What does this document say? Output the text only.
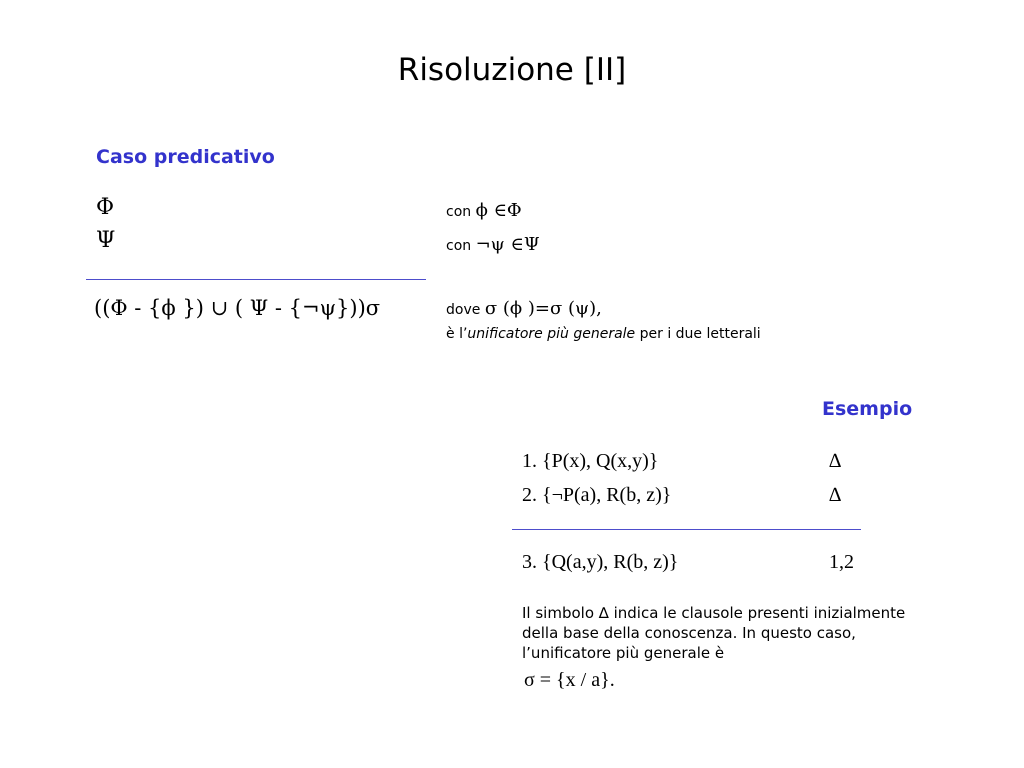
Risoluzione [II]
Caso predicativo
Φ	con ϕ ∈Φ
Ψ	con ¬ψ ∈Ψ
((Φ - {ϕ }) ∪ ( Ψ - {¬ψ}))σ	dove σ (ϕ )=σ (ψ),
è l’unificatore più generale per i due letterali
Esempio
1. {P(x), Q(x,y)}	∆
2. {¬P(a), R(b, z)}	∆
3. {Q(a,y), R(b, z)}	1,2
Il simbolo ∆ indica le clausole presenti inizialmente della base della conoscenza. In questo caso, l’unificatore più generale è
σ = {x / a}.
